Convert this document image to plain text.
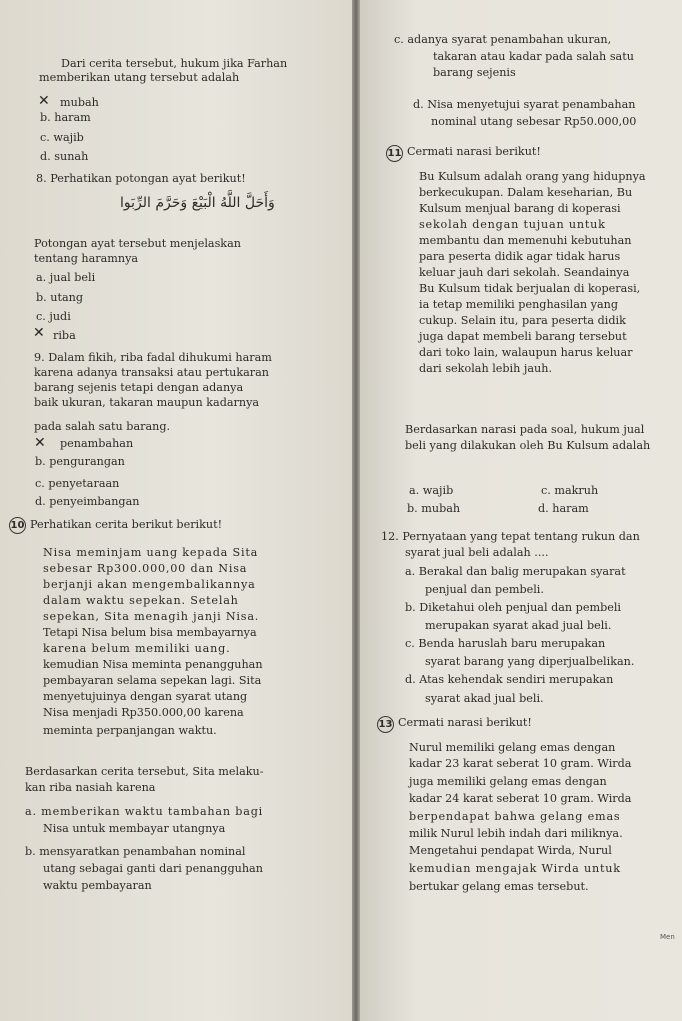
Dari cerita tersebut, hukum jika Farhan
memberikan utang tersebut adalah
✕ mubah
b. haram
c. wajib
d. sunah
8. Perhatikan potongan ayat berikut!
وَأَحَلَّ اللَّهُ الْبَيْعَ وَحَرَّمَ الرِّبَوا
Potongan ayat tersebut menjelaskan
tentang haramnya
a. jual beli
b. utang
c. judi
✕ riba
9. Dalam fikih, riba fadal dihukumi haram
karena adanya transaksi atau pertukaran
barang sejenis tetapi dengan adanya
baik ukuran, takaran maupun kadarnya
pada salah satu barang.
✕ penambahan
b. pengurangan
c. penyetaraan
d. penyeimbangan
10 Perhatikan cerita berikut berikut!
Nisa meminjam uang kepada Sita
sebesar Rp300.000,00 dan Nisa
berjanji akan mengembalikannya
dalam waktu sepekan. Setelah
sepekan, Sita menagih janji Nisa.
Tetapi Nisa belum bisa membayarnya
karena belum memiliki uang.
kemudian Nisa meminta penangguhan
pembayaran selama sepekan lagi. Sita
menyetujuinya dengan syarat utang
Nisa menjadi Rp350.000,00 karena
meminta perpanjangan waktu.
Berdasarkan cerita tersebut, Sita melaku-
kan riba nasiah karena
a. memberikan waktu tambahan bagi
Nisa untuk membayar utangnya
b. mensyaratkan penambahan nominal
utang sebagai ganti dari penangguhan
waktu pembayaran
c. adanya syarat penambahan ukuran,
takaran atau kadar pada salah satu
barang sejenis
d. Nisa menyetujui syarat penambahan
nominal utang sebesar Rp50.000,00
11 Cermati narasi berikut!
Bu Kulsum adalah orang yang hidupnya
berkecukupan. Dalam keseharian, Bu
Kulsum menjual barang di koperasi
sekolah dengan tujuan untuk
membantu dan memenuhi kebutuhan
para peserta didik agar tidak harus
keluar jauh dari sekolah. Seandainya
Bu Kulsum tidak berjualan di koperasi,
ia tetap memiliki penghasilan yang
cukup. Selain itu, para peserta didik
juga dapat membeli barang tersebut
dari toko lain, walaupun harus keluar
dari sekolah lebih jauh.
Berdasarkan narasi pada soal, hukum jual
beli yang dilakukan oleh Bu Kulsum adalah
a. wajib	c. makruh
b. mubah	d. haram
12. Pernyataan yang tepat tentang rukun dan
syarat jual beli adalah ....
a. Berakal dan balig merupakan syarat
penjual dan pembeli.
b. Diketahui oleh penjual dan pembeli
merupakan syarat akad jual beli.
c. Benda haruslah baru merupakan
syarat barang yang diperjualbelikan.
d. Atas kehendak sendiri merupakan
syarat akad jual beli.
13 Cermati narasi berikut!
Nurul memiliki gelang emas dengan
kadar 23 karat seberat 10 gram. Wirda
juga memiliki gelang emas dengan
kadar 24 karat seberat 10 gram. Wirda
berpendapat bahwa gelang emas
milik Nurul lebih indah dari miliknya.
Mengetahui pendapat Wirda, Nurul
kemudian mengajak Wirda untuk
bertukar gelang emas tersebut.
Men
